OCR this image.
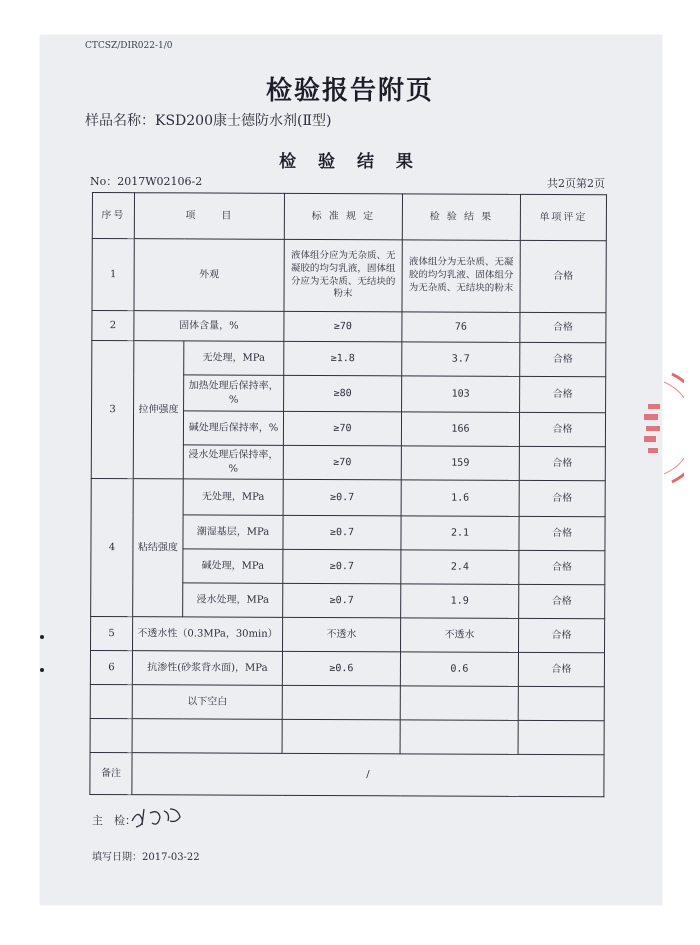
CTCSZ/DIR022-1/0
检验报告附页
样品名称：KSD200康士德防水剂(Ⅱ型)
检 验 结 果
No：2017W02106-2	共2页第2页
序号	项　　目		标 准 规 定	检 验 结 果	单项评定
1	外观		液体组分应为无杂质、无凝胶的均匀乳液，固体组分应为无杂质、无结块的粉末	液体组分为无杂质、无凝胶的均匀乳液、固体组分为无杂质、无结块的粉末	合格
2	固体含量，%		≥70	76	合格
3	拉伸强度	无处理，MPa	≥1.8	3.7	合格
		加热处理后保持率，%	≥80	103	合格
		碱处理后保持率，%	≥70	166	合格
		浸水处理后保持率，%	≥70	159	合格
4	粘结强度	无处理，MPa	≥0.7	1.6	合格
		潮湿基层，MPa	≥0.7	2.1	合格
		碱处理，MPa	≥0.7	2.4	合格
		浸水处理，MPa	≥0.7	1.9	合格
5	不透水性（0.3MPa，30min）		不透水	不透水	合格
6	抗渗性(砂浆背水面)，MPa		≥0.6	0.6	合格
	以下空白				

备注	/				
主　检：
填写日期：2017-03-22
